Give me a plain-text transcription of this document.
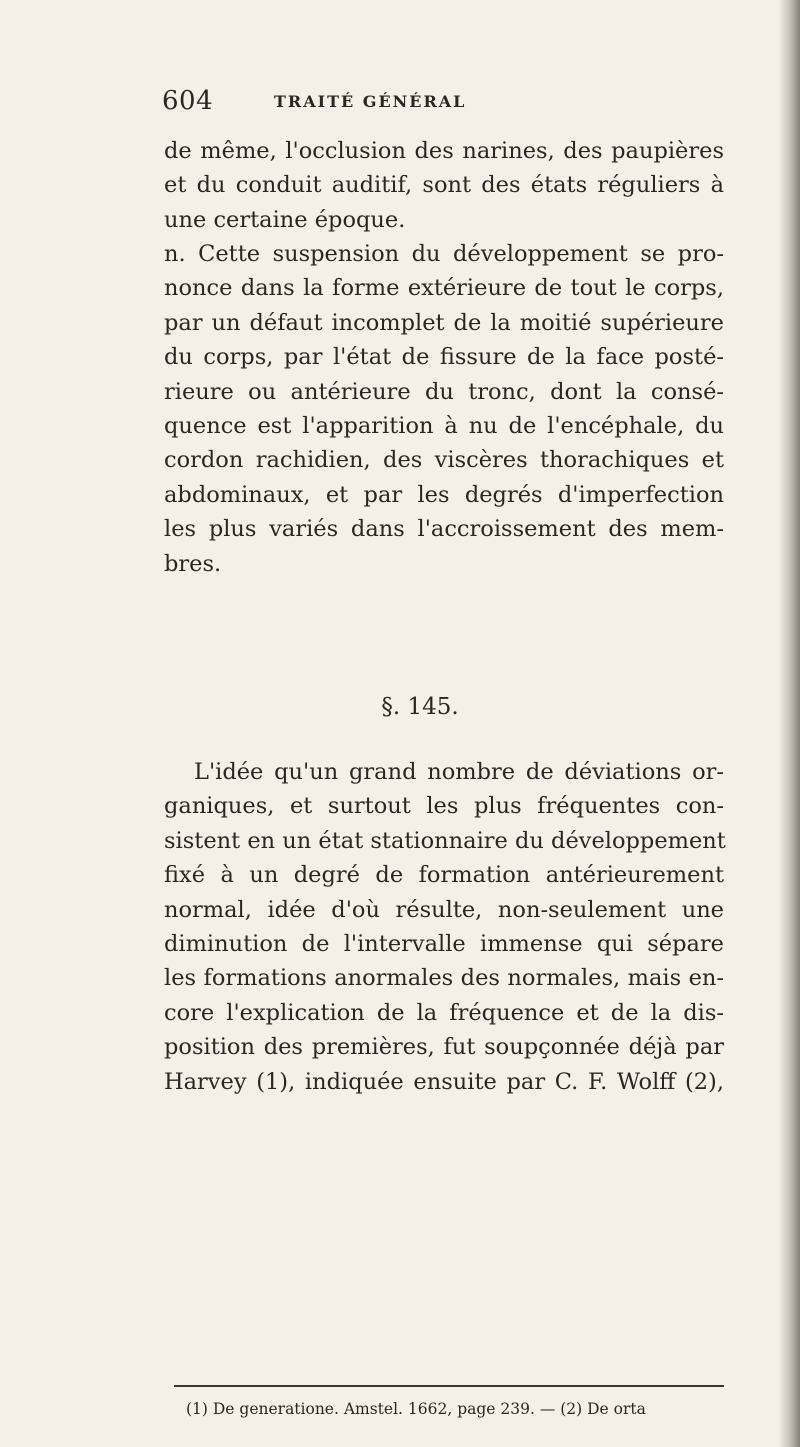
604	TRAITÉ GÉNÉRAL

de même, l'occlusion des narines, des paupières
et du conduit auditif, sont des états réguliers à
une certaine époque.

n. Cette suspension du développement se pro-
nonce dans la forme extérieure de tout le corps,
par un défaut incomplet de la moitié supérieure
du corps, par l'état de fissure de la face posté-
rieure ou antérieure du tronc, dont la consé-
quence est l'apparition à nu de l'encéphale, du
cordon rachidien, des viscères thorachiques et
abdominaux, et par les degrés d'imperfection
les plus variés dans l'accroissement des mem-
bres.

§. 145.

L'idée qu'un grand nombre de déviations or-
ganiques, et surtout les plus fréquentes con-
sistent en un état stationnaire du développement
fixé à un degré de formation antérieurement
normal, idée d'où résulte, non-seulement une
diminution de l'intervalle immense qui sépare
les formations anormales des normales, mais en-
core l'explication de la fréquence et de la dis-
position des premières, fut soupçonnée déjà par
Harvey (1), indiquée ensuite par C. F. Wolff (2),

(1) De generatione. Amstel. 1662, page 239. — (2) De orta
